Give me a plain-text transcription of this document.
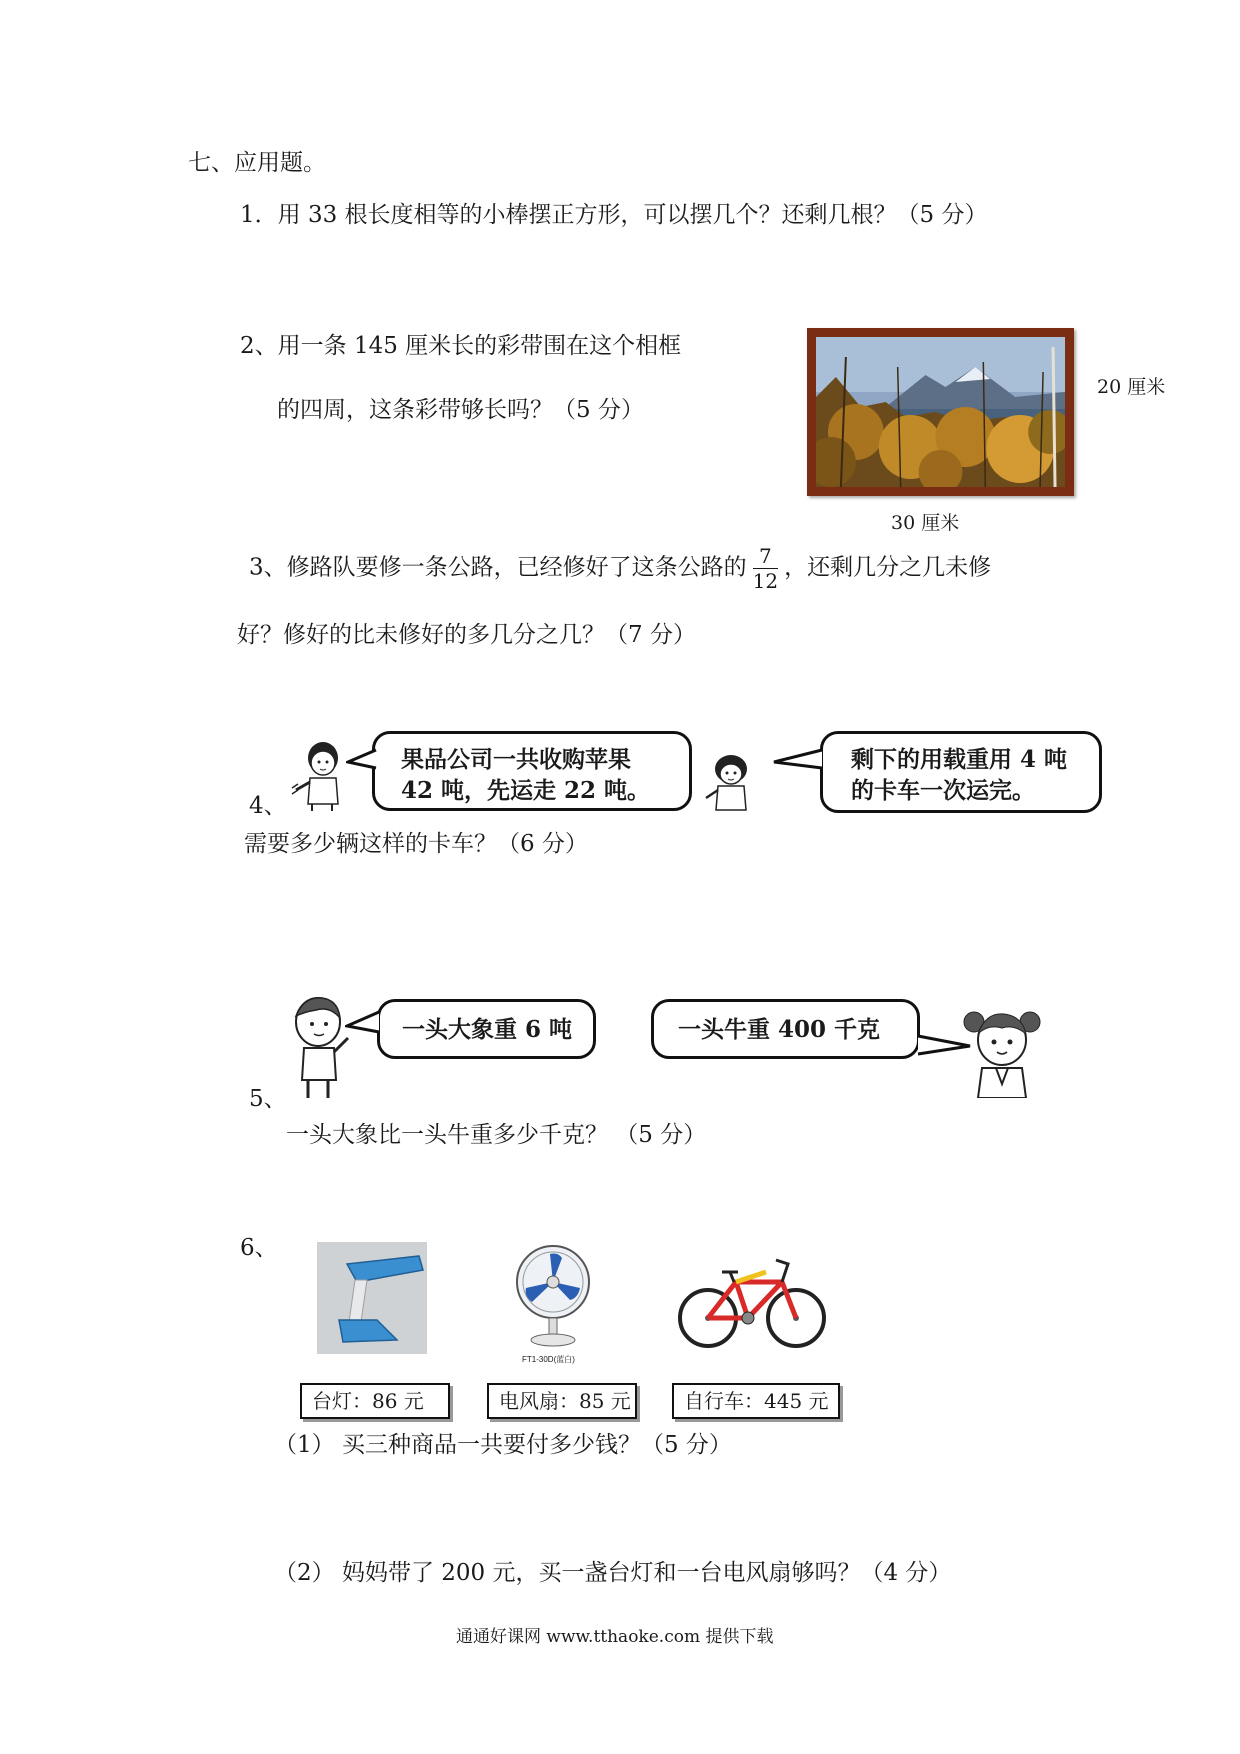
七、应用题。
1．用 33 根长度相等的小棒摆正方形，可以摆几个？还剩几根？（5 分）
2、用一条 145 厘米长的彩带围在这个相框
的四周，这条彩带够长吗？（5 分）
20 厘米
30 厘米
3、修路队要修一条公路，已经修好了这条公路的 $\frac{7}{12}$ ，还剩几分之几未修
好？修好的比未修好的多几分之几？（7 分）
果品公司一共收购苹果
42 吨，先运走 22 吨。
4、
剩下的用载重用 4 吨
的卡车一次运完。
需要多少辆这样的卡车？（6 分）
一头大象重 6 吨	一头牛重 400 千克
5、
一头大象比一头牛重多少千克？ （5 分）
6、
FT1-30D(蓝白)
台灯：86 元	电风扇：85 元	自行车：445 元
（1） 买三种商品一共要付多少钱？（5 分）
（2） 妈妈带了 200 元，买一盏台灯和一台电风扇够吗？（4 分）
通通好课网 www.tthaoke.com 提供下载
